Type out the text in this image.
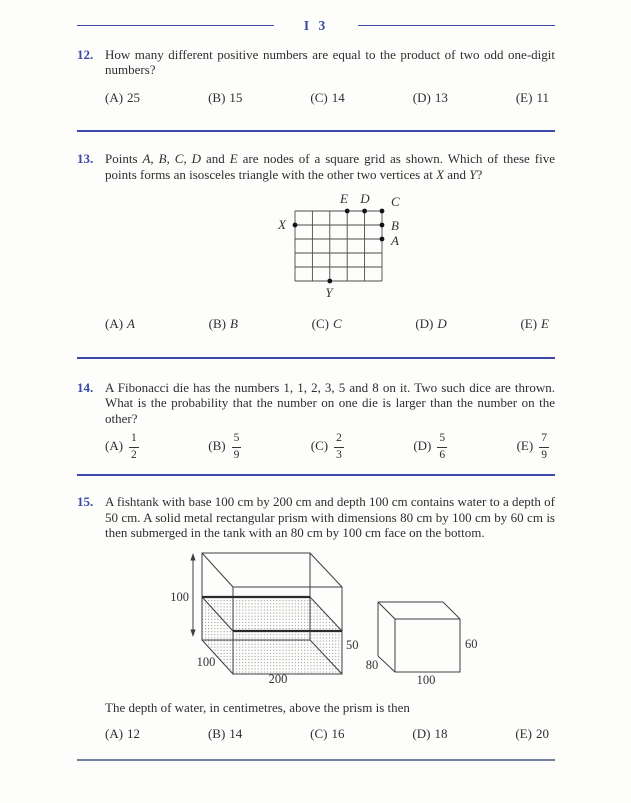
I 3
12. How many different positive numbers are equal to the product of two odd one-digit numbers?
(A) 25	(B) 15	(C) 14	(D) 13	(E) 11
13. Points A, B, C, D and E are nodes of a square grid as shown. Which of these five points forms an isosceles triangle with the other two vertices at X and Y?
E D C
X	B
A
Y
(A) A	(B) B	(C) C	(D) D	(E) E
14. A Fibonacci die has the numbers 1, 1, 2, 3, 5 and 8 on it. Two such dice are thrown. What is the probability that the number on one die is larger than the number on the other?
$(A) \frac{1}{2}$	$(B) \frac{5}{9}$	$(C) \frac{2}{3}$	$(D) \frac{5}{6}$	$(E) \frac{7}{9}$
15. A fishtank with base 100 cm by 200 cm and depth 100 cm contains water to a depth of 50 cm. A solid metal rectangular prism with dimensions 80 cm by 100 cm by 60 cm is then submerged in the tank with an 80 cm by 100 cm face on the bottom.
100
100
200
50
80
100
60
The depth of water, in centimetres, above the prism is then
(A) 12	(B) 14	(C) 16	(D) 18	(E) 20
